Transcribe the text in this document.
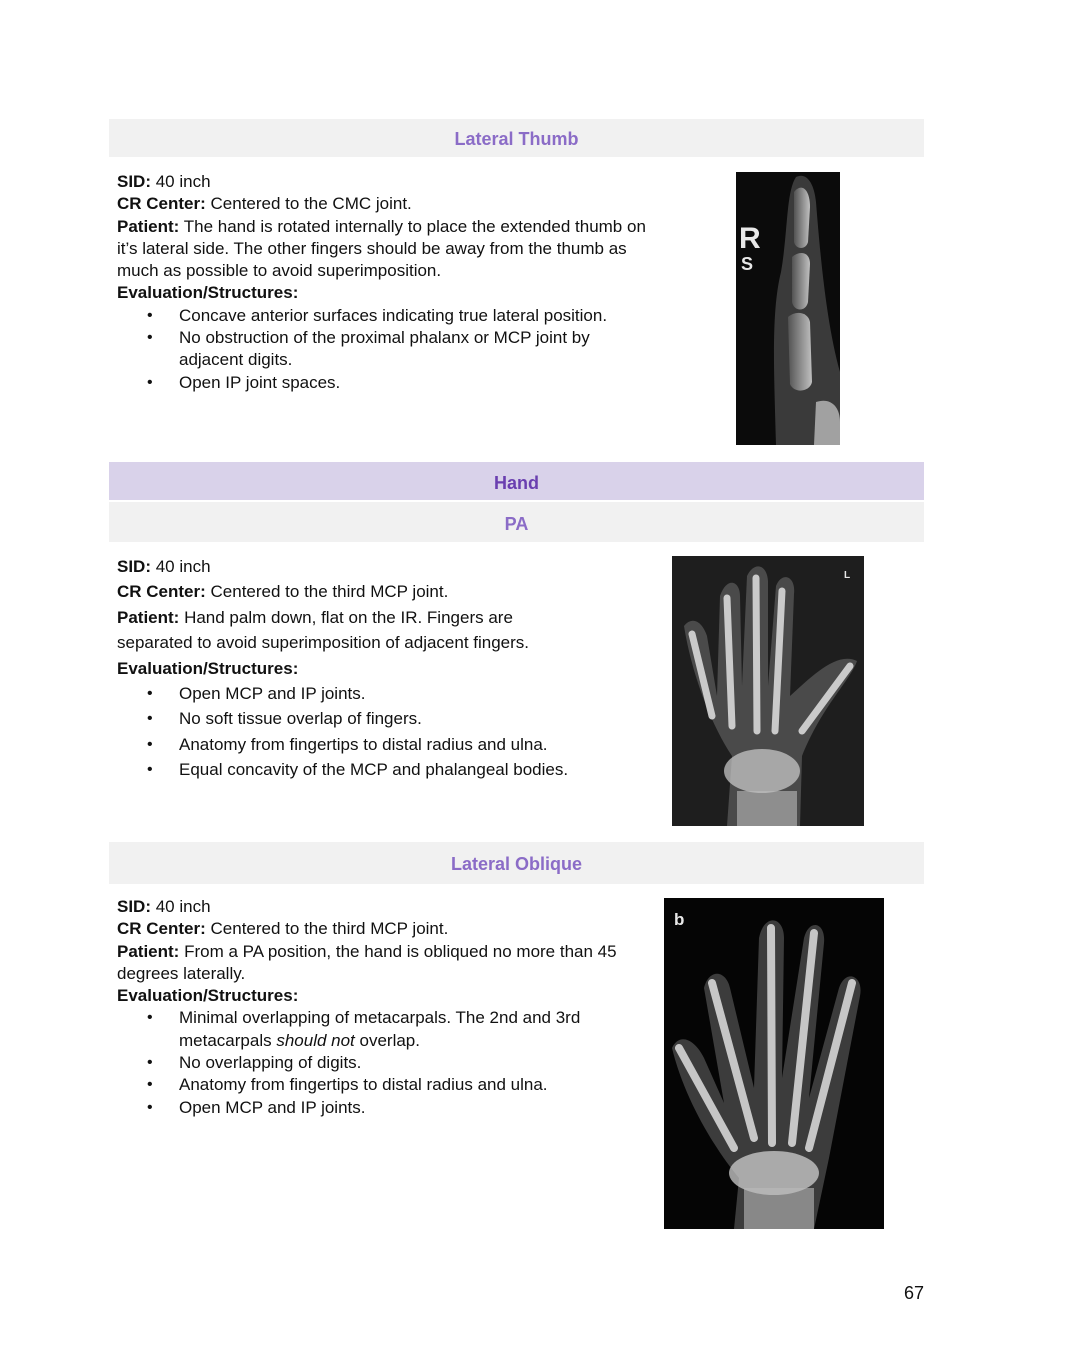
Lateral Thumb

SID: 40 inch

CR Center: Centered to the CMC joint.

Patient: The hand is rotated internally to place the extended thumb on it’s lateral side. The other fingers should be away from the thumb as much as possible to avoid superimposition.

Evaluation/Structures:

• Concave anterior surfaces indicating true lateral position.
• No obstruction of the proximal phalanx or MCP joint by adjacent digits.
• Open IP joint spaces.
R
S
Hand
PA

SID: 40 inch

CR Center: Centered to the third MCP joint.

Patient: Hand palm down, flat on the IR. Fingers are separated to avoid superimposition of adjacent fingers.

Evaluation/Structures:

• Open MCP and IP joints.
• No soft tissue overlap of fingers.
• Anatomy from fingertips to distal radius and ulna.
• Equal concavity of the MCP and phalangeal bodies.
L
Lateral Oblique

SID: 40 inch

CR Center: Centered to the third MCP joint.

Patient: From a PA position, the hand is obliqued no more than 45 degrees laterally.

Evaluation/Structures:

• Minimal overlapping of metacarpals. The 2nd and 3rd metacarpals should not overlap.
• No overlapping of digits.
• Anatomy from fingertips to distal radius and ulna.
• Open MCP and IP joints.
b
67
